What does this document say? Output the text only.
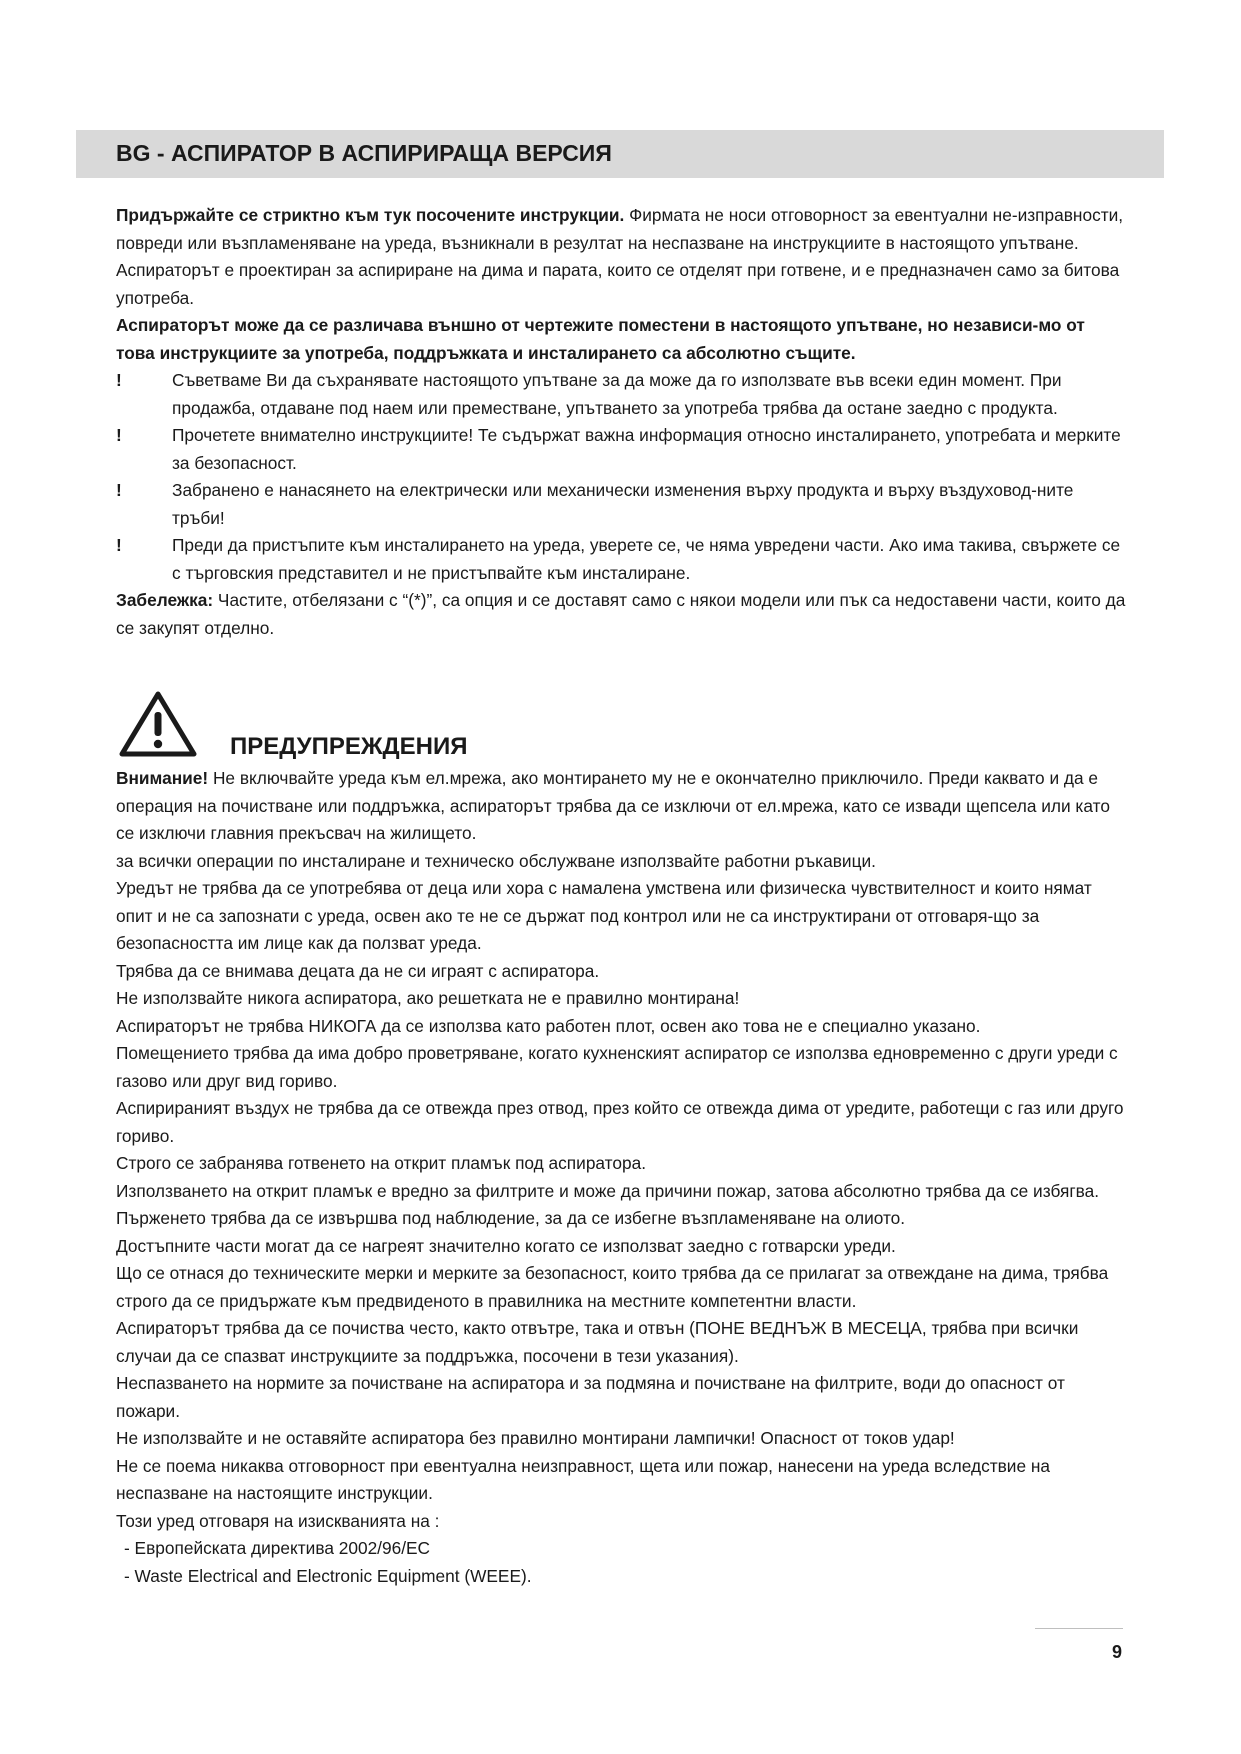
BG - АСПИРАТОР В АСПИРИРАЩА ВЕРСИЯ

Придържайте се стриктно към тук посочените инструкции. Фирмата не носи отговорност за евентуални не-изправности, повреди или възпламеняване на уреда, възникнали в резултат на неспазване на инструкциите в настоящото упътване. Аспираторът е проектиран за аспириране на дима и парата, които се отделят при готвене, и е предназначен само за битова употреба.

Аспираторът може да се различава външно от чертежите поместени в настоящото упътване, но независи-мо от това инструкциите за употреба, поддръжката и инсталирането са абсолютно същите.

!	Съветваме Ви да съхранявате настоящото упътване за да може да го използвате във всеки един момент. При продажба, отдаване под наем или преместване, упътването за употреба трябва да остане заедно с продукта.
!	Прочетете внимателно инструкциите! Те съдържат важна информация относно инсталирането, употребата и мерките за безопасност.
!	Забранено е нанасянето на електрически или механически изменения върху продукта и върху въздуховод-ните тръби!
!	Преди да пристъпите към инсталирането на уреда, уверете се, че няма увредени части. Ако има такива, свържете се с търговския представител и не пристъпвайте към инсталиране.

Забележка: Частите, отбелязани с “(*)”, са опция и се доставят само с някои модели или пък са недоставени части, които да се закупят отделно.

ПРЕДУПРЕЖДЕНИЯ

Внимание! Не включвайте уреда към ел.мрежа, ако монтирането му не е окончателно приключило. Преди каквато и да е операция на почистване или поддръжка, аспираторът трябва да се изключи от ел.мрежа, като се извади щепсела или като се изключи главния прекъсвач на жилището.

за всички операции по инсталиране и техническо обслужване използвайте работни ръкавици.

Уредът не трябва да се употребява от деца или хора с намалена умствена или физическа чувствителност и които нямат опит и не са запознати с уреда, освен ако те не се държат под контрол или не са инструктирани от отговаря-що за безопасността им лице как да ползват уреда.

Трябва да се внимава децата да не си играят с аспиратора.

Не използвайте никога аспиратора, ако решетката не е правилно монтирана!

Аспираторът не трябва НИКОГА да се използва като работен плот, освен ако това не е специално указано.

Помещението трябва да има добро проветряване, когато кухненският аспиратор се използва едновременно с други уреди с газово или друг вид гориво.

Аспирираният въздух не трябва да се отвежда през отвод, през който се отвежда дима от уредите, работещи с газ или друго гориво.

Строго се забранява готвенето на открит пламък под аспиратора.

Използването на открит пламък е вредно за филтрите и може да причини пожар, затова абсолютно трябва да се избягва.

Пърженето трябва да се извършва под наблюдение, за да се избегне възпламеняване на олиото.

Достъпните части могат да се нагреят значително когато се използват заедно с готварски уреди.

Що се отнася до техническите мерки и мерките за безопасност, които трябва да се прилагат за отвеждане на дима, трябва строго да се придържате към предвиденото в правилника на местните компетентни власти.

Аспираторът трябва да се почиства често, както отвътре, така и отвън (ПОНЕ ВЕДНЪЖ В МЕСЕЦА, трябва при всички случаи да се спазват инструкциите за поддръжка, посочени в тези указания).

Неспазването на нормите за почистване на аспиратора и за подмяна и почистване на филтрите, води до опасност от пожари.

Не използвайте и не оставяйте аспиратора без правилно монтирани лампички! Опасност от токов удар!

Не се поема никаква отговорност при евентуална неизправност, щета или пожар, нанесени на уреда вследствие на неспазване на настоящите инструкции.

Този уред отговаря на изискванията на :

- Европейската директива 2002/96/EC

- Waste Electrical and Electronic Equipment (WEEE).

9
